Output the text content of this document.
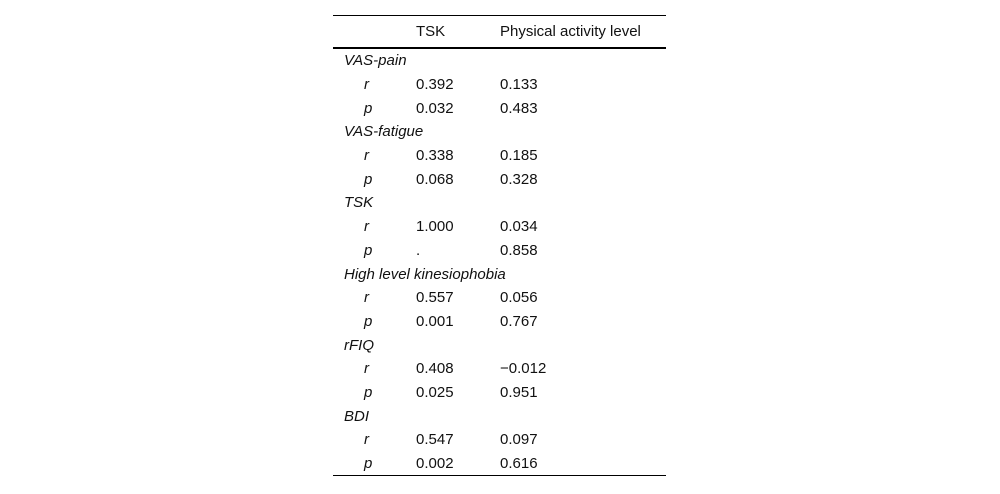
	TSK	Physical activity level
VAS-pain		
r	0.392	0.133
p	0.032	0.483
VAS-fatigue		
r	0.338	0.185
p	0.068	0.328
TSK		
r	1.000	0.034
p	.	0.858
High level kinesiophobia		
r	0.557	0.056
p	0.001	0.767
rFIQ		
r	0.408	−0.012
p	0.025	0.951
BDI		
r	0.547	0.097
p	0.002	0.616
